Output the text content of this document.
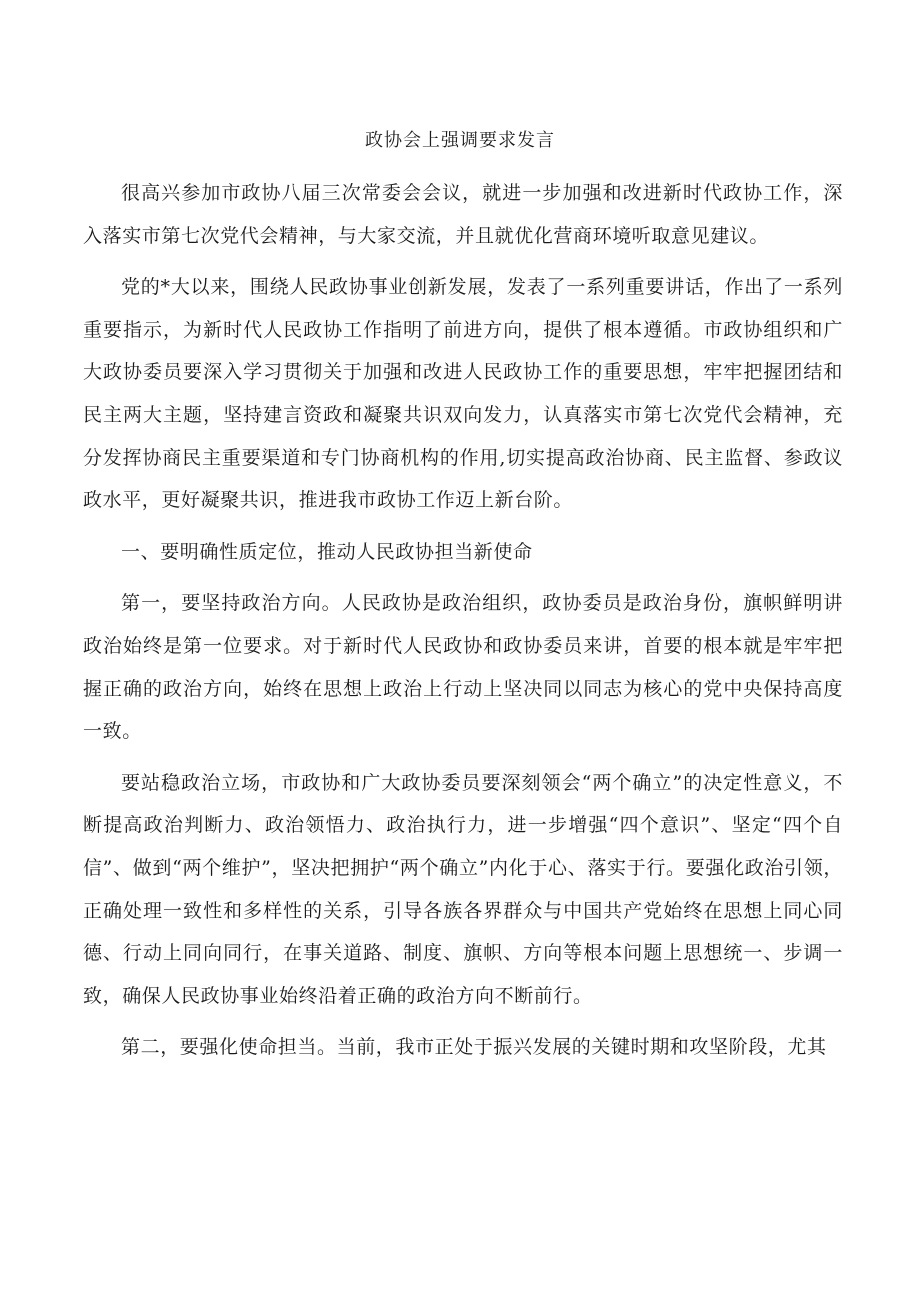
政协会上强调要求发言

很高兴参加市政协八届三次常委会会议，就进一步加强和改进新时代政协工作，深入落实市第七次党代会精神，与大家交流，并且就优化营商环境听取意见建议。

党的*大以来，围绕人民政协事业创新发展，发表了一系列重要讲话，作出了一系列重要指示，为新时代人民政协工作指明了前进方向，提供了根本遵循。市政协组织和广大政协委员要深入学习贯彻关于加强和改进人民政协工作的重要思想，牢牢把握团结和民主两大主题，坚持建言资政和凝聚共识双向发力，认真落实市第七次党代会精神，充分发挥协商民主重要渠道和专门协商机构的作用,切实提高政治协商、民主监督、参政议政水平，更好凝聚共识，推进我市政协工作迈上新台阶。

一、要明确性质定位，推动人民政协担当新使命

第一，要坚持政治方向。人民政协是政治组织，政协委员是政治身份，旗帜鲜明讲政治始终是第一位要求。对于新时代人民政协和政协委员来讲，首要的根本就是牢牢把握正确的政治方向，始终在思想上政治上行动上坚决同以同志为核心的党中央保持高度一致。

要站稳政治立场，市政协和广大政协委员要深刻领会“两个确立”的决定性意义，不断提高政治判断力、政治领悟力、政治执行力，进一步增强“四个意识”、坚定“四个自信”、做到“两个维护”，坚决把拥护“两个确立”内化于心、落实于行。要强化政治引领，正确处理一致性和多样性的关系，引导各族各界群众与中国共产党始终在思想上同心同德、行动上同向同行，在事关道路、制度、旗帜、方向等根本问题上思想统一、步调一致，确保人民政协事业始终沿着正确的政治方向不断前行。

第二，要强化使命担当。当前，我市正处于振兴发展的关键时期和攻坚阶段，尤其
